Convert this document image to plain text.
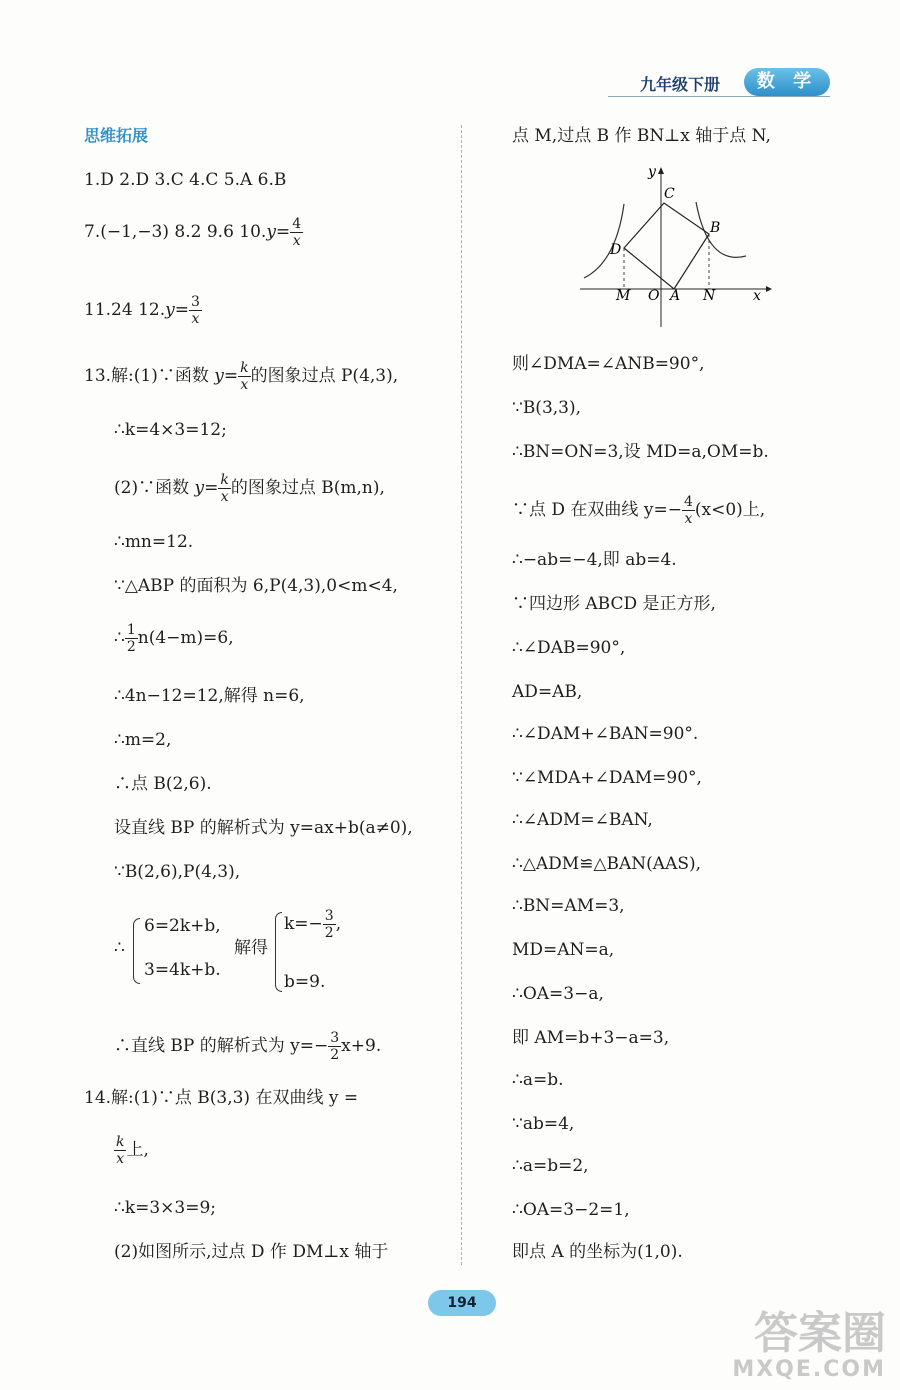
九年级下册	数 学
思维拓展
1.D 2.D 3.C 4.C 5.A 6.B
7.(−1,−3) 8.2 9.6 $10.y= \frac{4}{x}$
11.24 $12.y= \frac{3}{x}$
13.解:(1)∵函数 $y= \frac{k}{x}$ 的图象过点 P(4,3),
∴k=4×3=12;
(2)∵函数 $y= \frac{k}{x}$ 的图象过点 B(m,n),
∴mn=12.
∵△ABP 的面积为 6,P(4,3),0<m<4,
∴ $\frac{1}{2} n(4-m)=6$,
∴4n−12=12,解得 n=6,
∴m=2,
∴点 B(2,6).
设直线 BP 的解析式为 y=ax+b(a≠0),
∵B(2,6),P(4,3),
∴
6=2k+b,
3=4k+b.
解得
$k=- \frac{3}{2}$ ,
b=9.
∴直线 BP 的解析式为 $y=- \frac{3}{2} x+9$.
14.解:(1)∵点 B(3,3) 在双曲线 y =
$\frac{k}{x}$ 上,
∴k=3×3=9;
(2)如图所示,过点 D 作 DM⊥x 轴于
点 M,过点 B 作 BN⊥x 轴于点 N,
y
x
C
B
D
M O A N
则∠DMA=∠ANB=90°,
∵B(3,3),
∴BN=ON=3,设 MD=a,OM=b.
∵点 D 在双曲线 $y=- \frac{4}{x} (x<0)$上,
∴−ab=−4,即 ab=4.
∵四边形 ABCD 是正方形,
∴∠DAB=90°,
AD=AB,
∴∠DAM+∠BAN=90°.
∵∠MDA+∠DAM=90°,
∴∠ADM=∠BAN,
∴△ADM≌△BAN(AAS),
∴BN=AM=3,
MD=AN=a,
∴OA=3−a,
即 AM=b+3−a=3,
∴a=b.
∵ab=4,
∴a=b=2,
∴OA=3−2=1,
即点 A 的坐标为(1,0).
194
答案圈
MXQE.COM
